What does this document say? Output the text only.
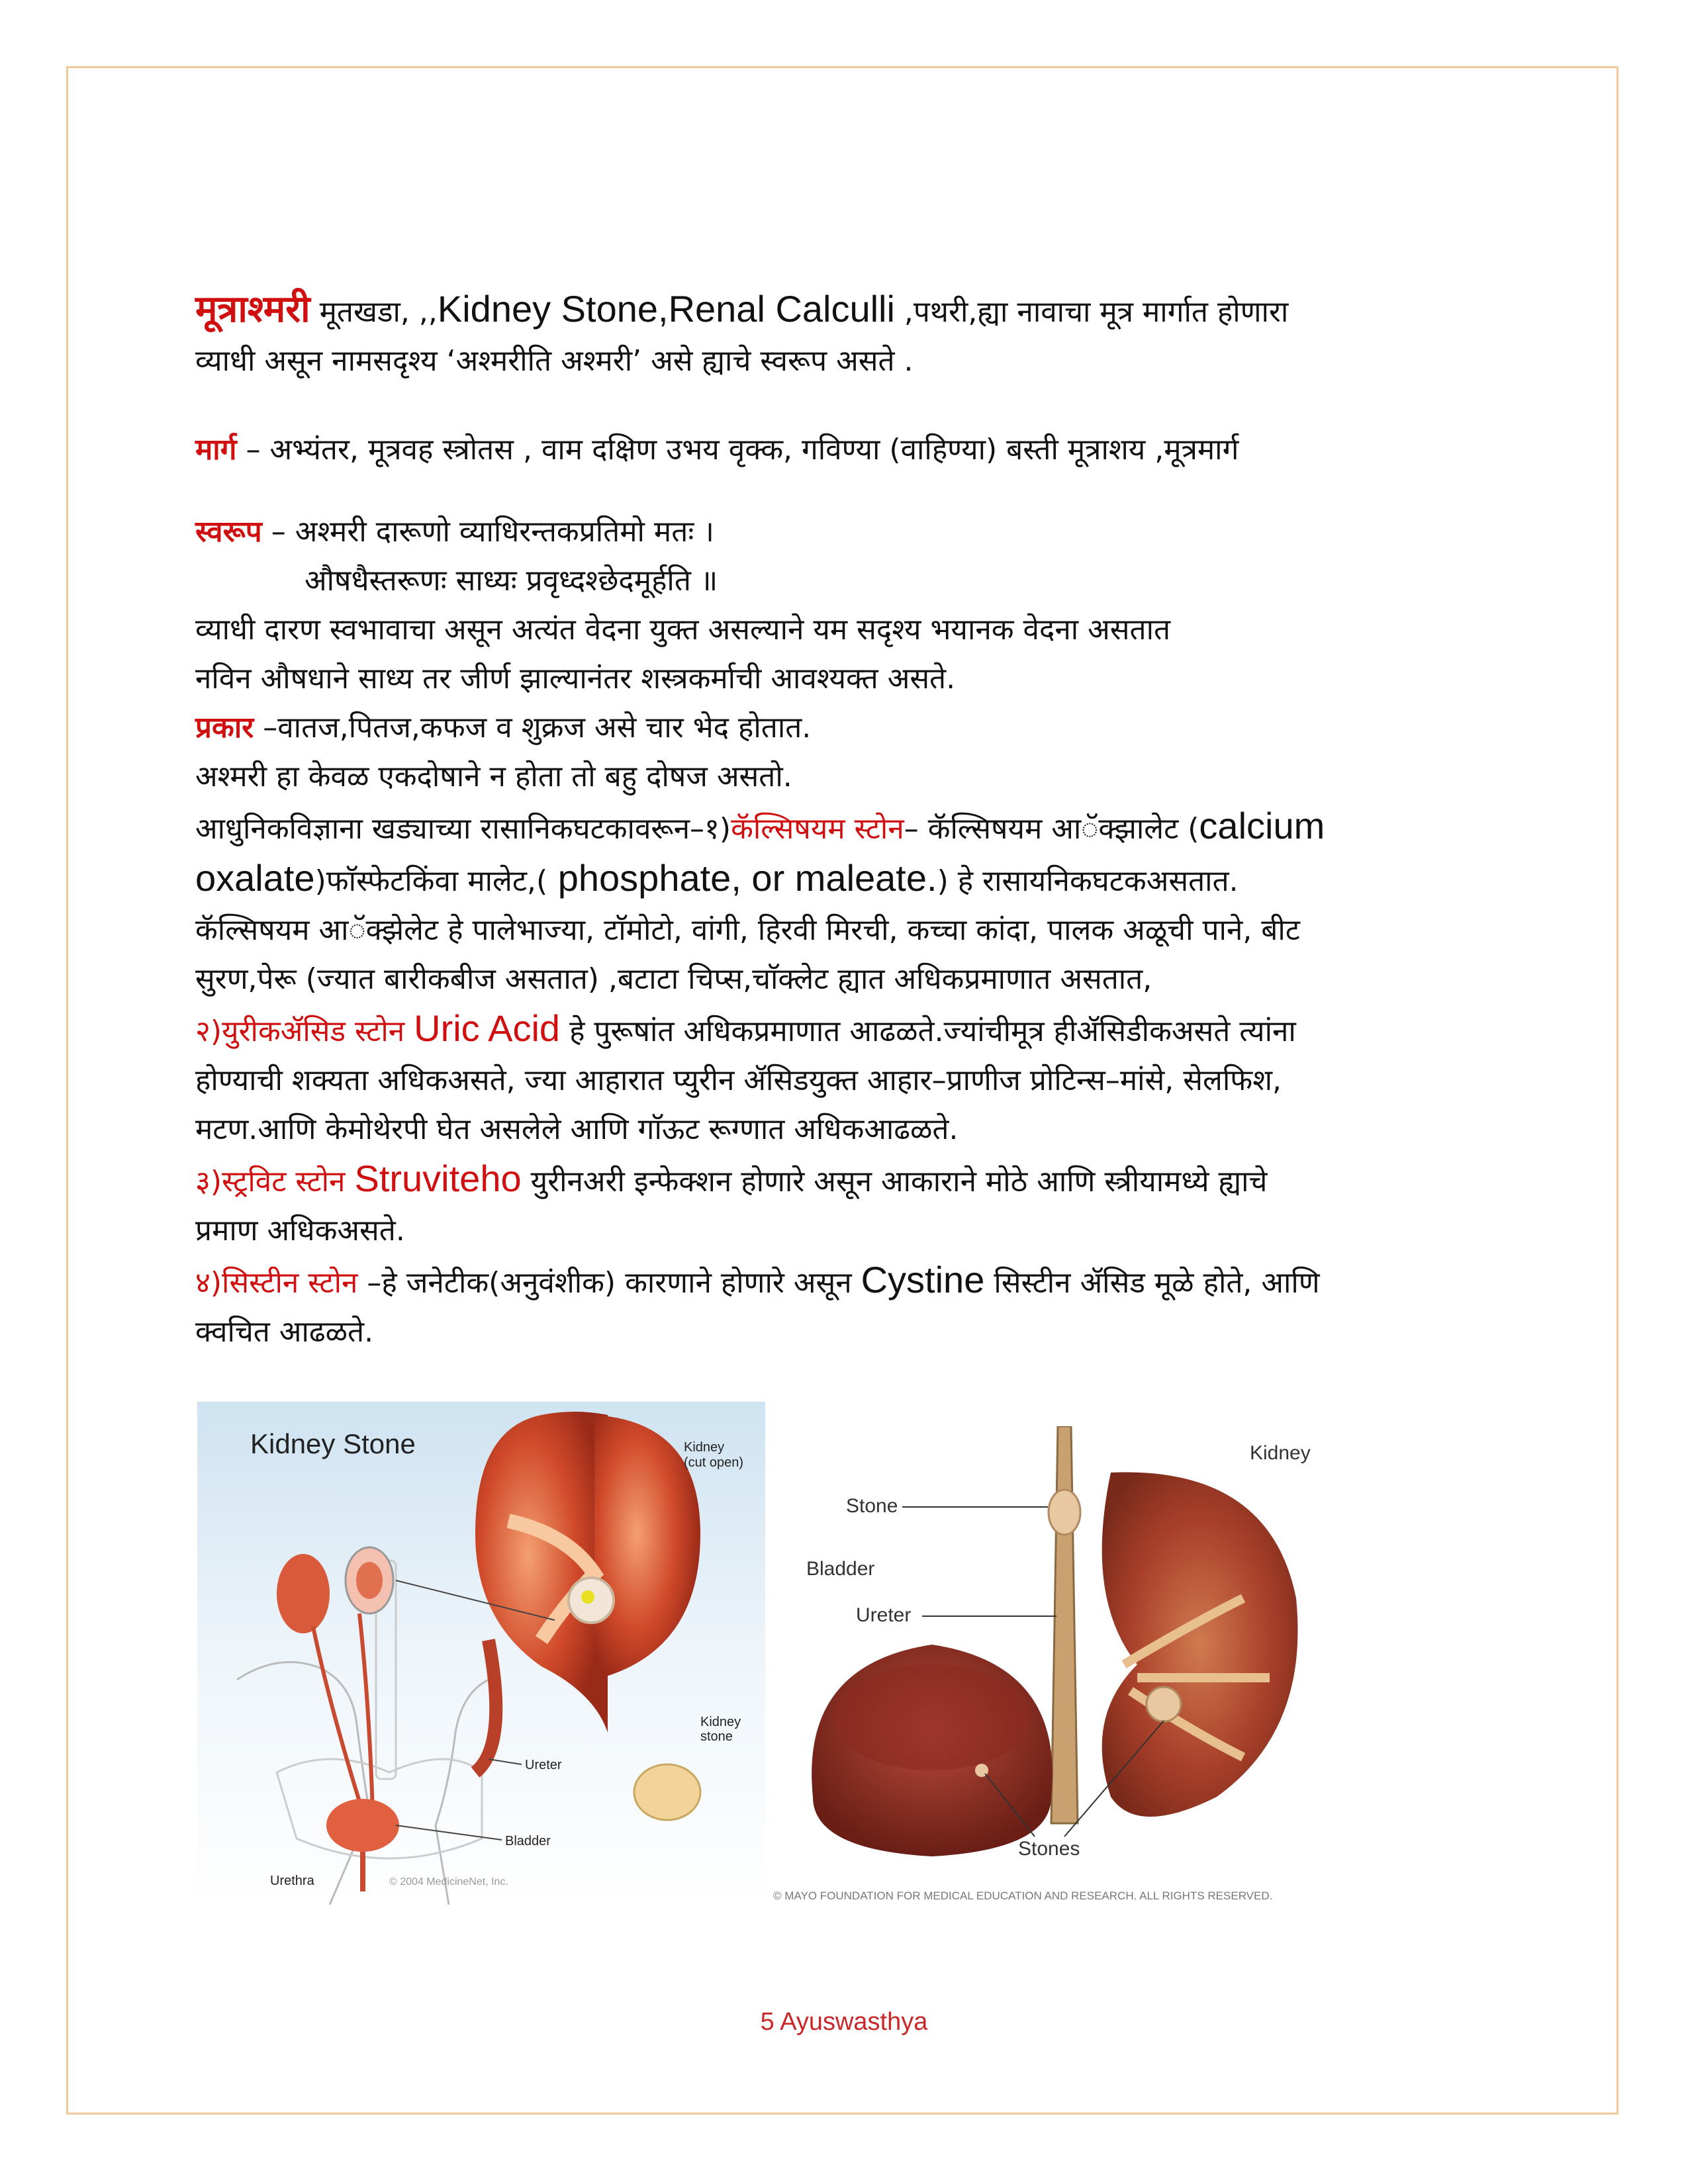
मूत्राश्मरी मूतखडा, ,,Kidney Stone,Renal Calculli ,पथरी,ह्या नावाचा मूत्र मार्गात होणारा
व्याधी असून नामसदृश्य ‘अश्मरीति अश्मरी’ असे ह्याचे स्वरूप असते .
मार्ग – अभ्यंतर, मूत्रवह स्त्रोतस , वाम दक्षिण उभय वृक्क, गविण्या (वाहिण्या) बस्ती मूत्राशय ,मूत्रमार्ग
स्वरूप – अश्मरी दारूणो व्याधिरन्तकप्रतिमो मतः ।
औषधैस्तरूणः साध्यः प्रवृध्दश्छेदमूर्हति ॥
व्याधी दारण स्वभावाचा असून अत्यंत वेदना युक्त असल्याने यम सदृश्य भयानक वेदना असतात
नविन औषधाने साध्य तर जीर्ण झाल्यानंतर शस्त्रकर्माची आवश्यक्त असते.
प्रकार –वातज,पितज,कफज व शुक्रज असे चार भेद होतात.
अश्मरी हा केवळ एकदोषाने न होता तो बहु दोषज असतो.
आधुनिकविज्ञाना खड्याच्या रासानिकघटकावरून–१)कॅल्सिषयम स्टोन– कॅल्सिषयम आॅक्झालेट (calcium
oxalate)फाॅस्फेटकिंवा मालेट,( phosphate, or maleate.) हे रासायनिकघटकअसतात.
कॅल्सिषयम आॅक्झेलेट हे पालेभाज्या, टाॅमोटो, वांगी, हिरवी मिरची, कच्चा कांदा, पालक अळूची पाने, बीट
सुरण,पेरू (ज्यात बारीकबीज असतात) ,बटाटा चिप्स,चाॅक्लेट ह्यात अधिकप्रमाणात असतात,
२)युरीकॲसिड स्टोन Uric Acid हे पुरूषांत अधिकप्रमाणात आढळते.ज्यांचीमूत्र हीॲसिडीकअसते त्यांना
होण्याची शक्यता अधिकअसते, ज्या आहारात प्युरीन ॲसिडयुक्त आहार–प्राणीज प्रोटिन्स–मांसे, सेलफिश,
मटण.आणि केमोथेरपी घेत असलेले आणि गाॅऊट रूग्णात अधिकआढळते.
३)स्ट्रविट स्टोन Struviteho युरीनअरी इन्फेक्शन होणारे असून आकाराने मोठे आणि स्त्रीयामध्ये ह्याचे
प्रमाण अधिकअसते.
४)सिस्टीन स्टोन –हे जनेटीक(अनुवंशीक) कारणाने होणारे असून Cystine सिस्टीन ॲसिड मूळे होते, आणि
क्वचित आढळते.
Kidney Stone	Kidney
(cut open)
Kidney
stone
Ureter
Bladder
Urethra	© 2004 MedicineNet, Inc.
Stone
Bladder
Ureter
Kidney
Stones
© MAYO FOUNDATION FOR MEDICAL EDUCATION AND RESEARCH. ALL RIGHTS RESERVED.
5 Ayuswasthya
